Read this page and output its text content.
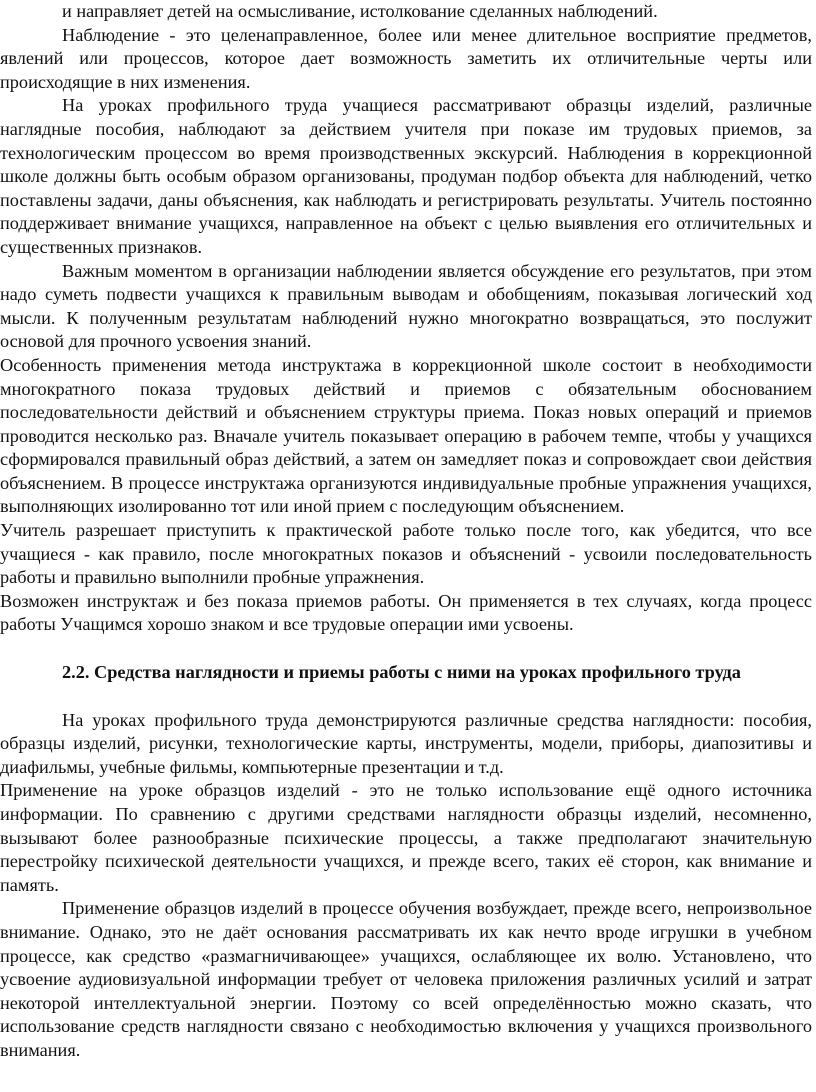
и направляет детей на осмысливание, истолкование сделанных наблюдений.

Наблюдение - это целенаправленное, более или менее длительное восприятие предметов, явлений или процессов, которое дает возможность заметить их отличительные черты или происходящие в них изменения.

На уроках профильного труда учащиеся рассматривают образцы изделий, различные наглядные пособия, наблюдают за действием учителя при показе им трудовых приемов, за технологическим процессом во время производственных экскурсий. Наблюдения в коррекционной школе должны быть особым образом организованы, продуман подбор объекта для наблюдений, четко поставлены задачи, даны объяснения, как наблюдать и регистрировать результаты. Учитель постоянно поддерживает внимание учащихся, направленное на объект с целью выявления его отличительных и существенных признаков.

Важным моментом в организации наблюдении является обсуждение его результатов, при этом надо суметь подвести учащихся к правильным выводам и обобщениям, показывая логический ход мысли. К полученным результатам наблюдений нужно многократно возвращаться, это послужит основой для прочного усвоения знаний.

Особенность применения метода инструктажа в коррекционной школе состоит в необходимости многократного показа трудовых действий и приемов с обязательным обоснованием последовательности действий и объяснением структуры приема. Показ новых операций и приемов проводится несколько раз. Вначале учитель показывает операцию в рабочем темпе, чтобы у учащихся сформировался правильный образ действий, а затем он замедляет показ и сопровождает свои действия объяснением. В процессе инструктажа организуются индивидуальные пробные упражнения учащихся, выполняющих изолированно тот или иной прием с последующим объяснением.

Учитель разрешает приступить к практической работе только после того, как убедится, что все учащиеся - как правило, после многократных показов и объяснений - усвоили последовательность работы и правильно выполнили пробные упражнения.

Возможен инструктаж и без показа приемов работы. Он применяется в тех случаях, когда процесс работы Учащимся хорошо знаком и все трудовые операции ими усвоены.

2.2. Средства наглядности и приемы работы с ними на уроках профильного труда

На уроках профильного труда демонстрируются различные средства наглядности: пособия, образцы изделий, рисунки, технологические карты, инструменты, модели, приборы, диапозитивы и диафильмы, учебные фильмы, компьютерные презентации и т.д.

Применение на уроке образцов изделий - это не только использование ещё одного источника информации. По сравнению с другими средствами наглядности образцы изделий, несомненно, вызывают более разнообразные психические процессы, а также предполагают значительную перестройку психической деятельности учащихся, и прежде всего, таких её сторон, как внимание и память.

Применение образцов изделий в процессе обучения возбуждает, прежде всего, непроизвольное внимание. Однако, это не даёт основания рассматривать их как нечто вроде игрушки в учебном процессе, как средство «размагничивающее» учащихся, ослабляющее их волю. Установлено, что усвоение аудиовизуальной информации требует от человека приложения различных усилий и затрат некоторой интеллектуальной энергии. Поэтому со всей определённостью можно сказать, что использование средств наглядности связано с необходимостью включения у учащихся произвольного внимания.
